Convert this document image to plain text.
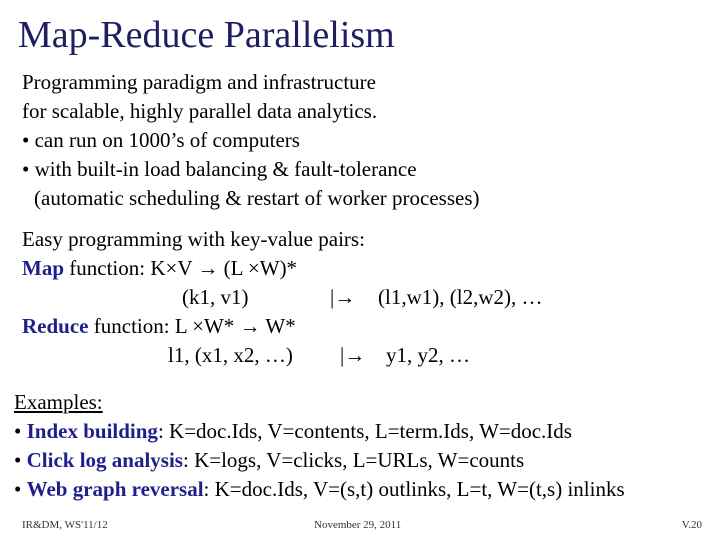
Map-Reduce Parallelism
Programming paradigm and infrastructure
for scalable, highly parallel data analytics.
• can run on 1000’s of computers
• with built-in load balancing & fault-tolerance
(automatic scheduling & restart of worker processes)
Easy programming with key-value pairs:
Map function: K×V → (L ×W)*
(k1, v1)	|→ (l1,w1), (l2,w2), …
Reduce function: L ×W* → W*
l1, (x1, x2, …) |→ y1, y2, …
Examples:
• Index building: K=doc.Ids, V=contents, L=term.Ids, W=doc.Ids
• Click log analysis: K=logs, V=clicks, L=URLs, W=counts
• Web graph reversal: K=doc.Ids, V=(s,t) outlinks, L=t, W=(t,s) inlinks
IR&DM, WS'11/12	November 29, 2011	V.20
